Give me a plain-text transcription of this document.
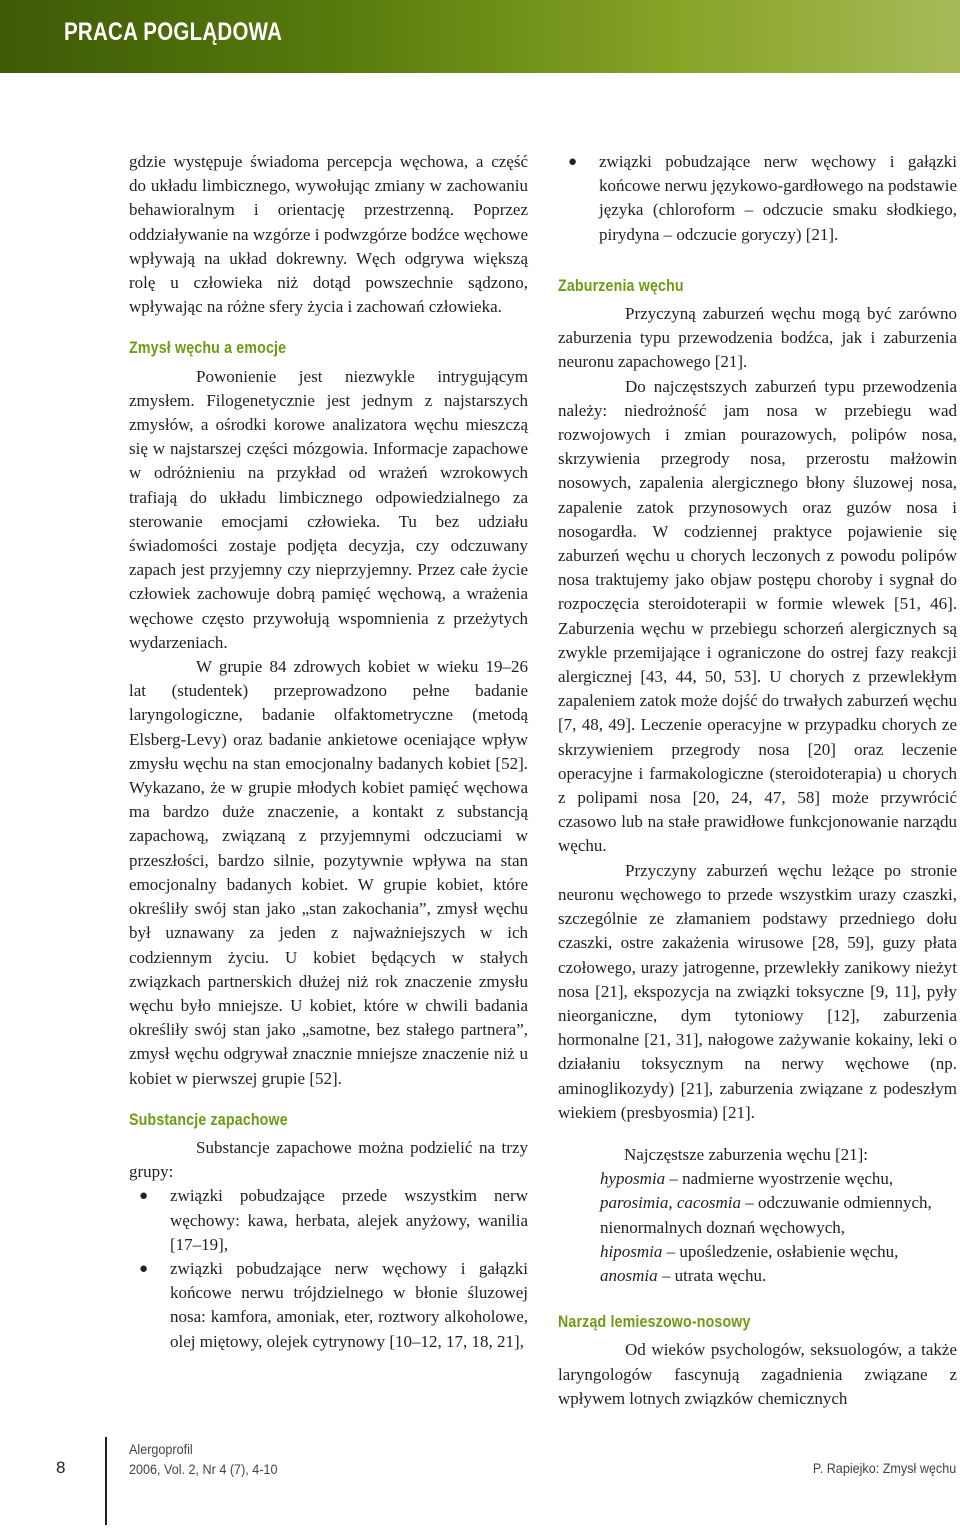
PRACA POGLĄDOWA

gdzie występuje świadoma percepcja węchowa, a część do układu limbicznego, wywołując zmiany w zachowaniu behawioralnym i orientację przestrzenną. Poprzez oddziaływanie na wzgórze i podwzgórze bodźce węchowe wpływają na układ dokrewny. Węch odgrywa większą rolę u człowieka niż dotąd powszechnie sądzono, wpływając na różne sfery życia i zachowań człowieka.

Zmysł węchu a emocje

Powonienie jest niezwykle intrygującym zmysłem. Filogenetycznie jest jednym z najstarszych zmysłów, a ośrodki korowe analizatora węchu mieszczą się w najstarszej części mózgowia. Informacje zapachowe w odróżnieniu na przykład od wrażeń wzrokowych trafiają do układu limbicznego odpowiedzialnego za sterowanie emocjami człowieka. Tu bez udziału świadomości zostaje podjęta decyzja, czy odczuwany zapach jest przyjemny czy nieprzyjemny. Przez całe życie człowiek zachowuje dobrą pamięć węchową, a wrażenia węchowe często przywołują wspomnienia z przeżytych wydarzeniach.

W grupie 84 zdrowych kobiet w wieku 19–26 lat (studentek) przeprowadzono pełne badanie laryngologiczne, badanie olfaktometryczne (metodą Elsberg-Levy) oraz badanie ankietowe oceniające wpływ zmysłu węchu na stan emocjonalny badanych kobiet [52]. Wykazano, że w grupie młodych kobiet pamięć węchowa ma bardzo duże znaczenie, a kontakt z substancją zapachową, związaną z przyjemnymi odczuciami w przeszłości, bardzo silnie, pozytywnie wpływa na stan emocjonalny badanych kobiet. W grupie kobiet, które określiły swój stan jako „stan zakochania”, zmysł węchu był uznawany za jeden z najważniejszych w ich codziennym życiu. U kobiet będących w stałych związkach partnerskich dłużej niż rok znaczenie zmysłu węchu było mniejsze. U kobiet, które w chwili badania określiły swój stan jako „samotne, bez stałego partnera”, zmysł węchu odgrywał znacznie mniejsze znaczenie niż u kobiet w pierwszej grupie [52].

Substancje zapachowe

Substancje zapachowe można podzielić na trzy grupy:

● związki pobudzające przede wszystkim nerw węchowy: kawa, herbata, alejek anyżowy, wanilia [17–19],
● związki pobudzające nerw węchowy i gałązki końcowe nerwu trójdzielnego w błonie śluzowej nosa: kamfora, amoniak, eter, roztwory alkoholowe, olej miętowy, olejek cytrynowy [10–12, 17, 18, 21],
● związki pobudzające nerw węchowy i gałązki końcowe nerwu językowo-gardłowego na podstawie języka (chloroform – odczucie smaku słodkiego, pirydyna – odczucie goryczy) [21].
Zaburzenia węchu

Przyczyną zaburzeń węchu mogą być zarówno zaburzenia typu przewodzenia bodźca, jak i zaburzenia neuronu zapachowego [21].

Do najczęstszych zaburzeń typu przewodzenia należy: niedrożność jam nosa w przebiegu wad rozwojowych i zmian pourazowych, polipów nosa, skrzywienia przegrody nosa, przerostu małżowin nosowych, zapalenia alergicznego błony śluzowej nosa, zapalenie zatok przynosowych oraz guzów nosa i nosogardła. W codziennej praktyce pojawienie się zaburzeń węchu u chorych leczonych z powodu polipów nosa traktujemy jako objaw postępu choroby i sygnał do rozpoczęcia steroidoterapii w formie wlewek [51, 46]. Zaburzenia węchu w przebiegu schorzeń alergicznych są zwykle przemijające i ograniczone do ostrej fazy reakcji alergicznej [43, 44, 50, 53]. U chorych z przewlekłym zapaleniem zatok może dojść do trwałych zaburzeń węchu [7, 48, 49]. Leczenie operacyjne w przypadku chorych ze skrzywieniem przegrody nosa [20] oraz leczenie operacyjne i farmakologiczne (steroidoterapia) u chorych z polipami nosa [20, 24, 47, 58] może przywrócić czasowo lub na stałe prawidłowe funkcjonowanie narządu węchu.

Przyczyny zaburzeń węchu leżące po stronie neuronu węchowego to przede wszystkim urazy czaszki, szczególnie ze złamaniem podstawy przedniego dołu czaszki, ostre zakażenia wirusowe [28, 59], guzy płata czołowego, urazy jatrogenne, przewlekły zanikowy nieżyt nosa [21], ekspozycja na związki toksyczne [9, 11], pyły nieorganiczne, dym tytoniowy [12], zaburzenia hormonalne [21, 31], nałogowe zażywanie kokainy, leki o działaniu toksycznym na nerwy węchowe (np. aminoglikozydy) [21], zaburzenia związane z podeszłym wiekiem (presbyosmia) [21].

Najczęstsze zaburzenia węchu [21]:

hyposmia – nadmierne wyostrzenie węchu,

parosimia, cacosmia – odczuwanie odmiennych, nienormalnych doznań węchowych,

hiposmia – upośledzenie, osłabienie węchu,

anosmia – utrata węchu.

Narząd lemieszowo-nosowy

Od wieków psychologów, seksuologów, a także laryngologów fascynują zagadnienia związane z wpływem lotnych związków chemicznych

8
Alergoprofil
2006, Vol. 2, Nr 4 (7), 4-10	P. Rapiejko: Zmysł węchu
